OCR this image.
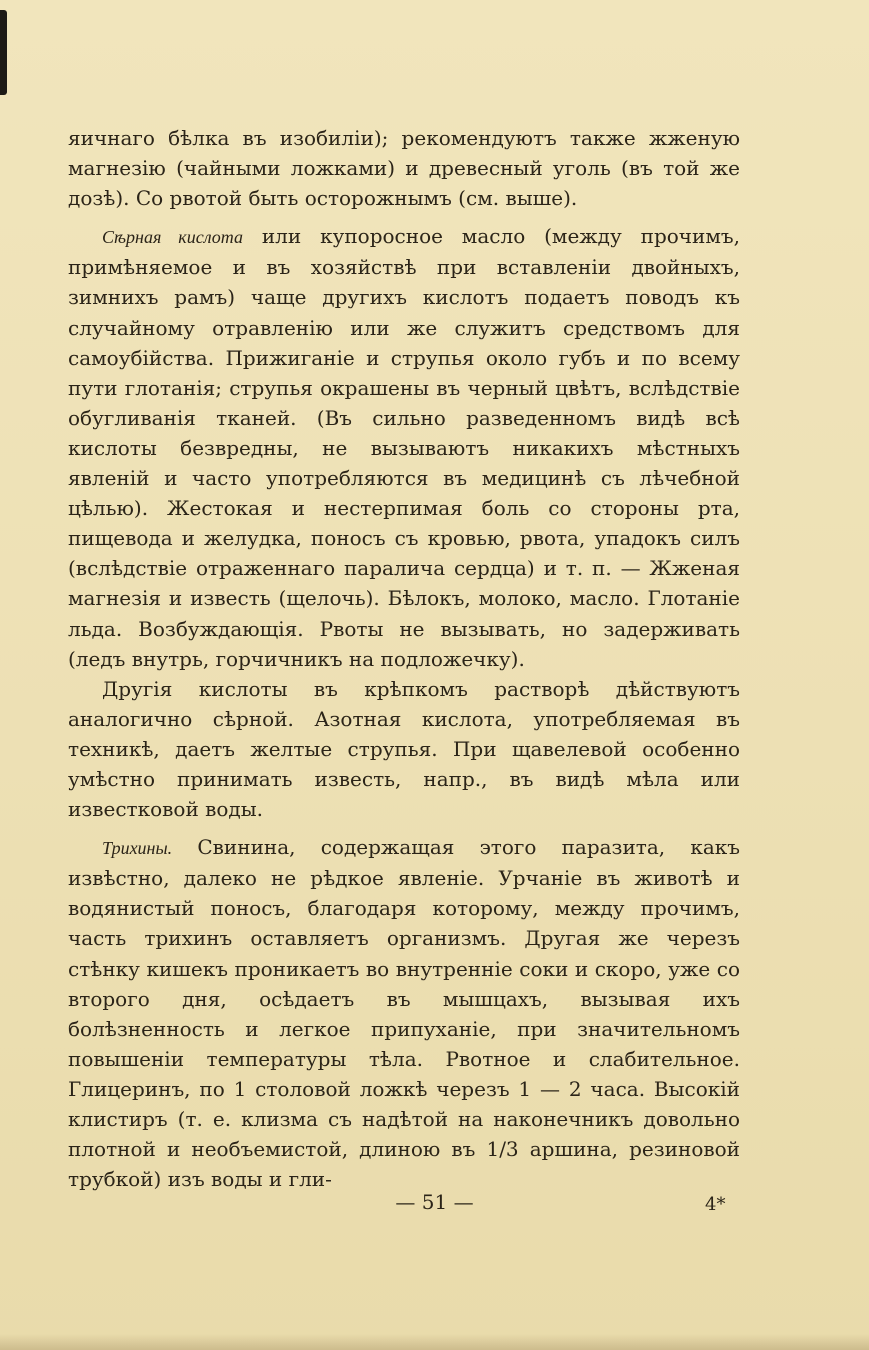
яичнаго бѣлка въ изобиліи); рекомендуютъ также жженую магнезію (чайными ложками) и древесный уголь (въ той же дозѣ). Со рвотой быть осторожнымъ (см. выше).

Сѣрная кислота или купоросное масло (между прочимъ, примѣняемое и въ хозяйствѣ при вставленіи двойныхъ, зимнихъ рамъ) чаще другихъ кислотъ подаетъ поводъ къ случайному отравленію или же служитъ средствомъ для самоубійства. Прижиганіе и струпья около губъ и по всему пути глотанія; струпья окрашены въ черный цвѣтъ, вслѣдствіе обугливанія тканей. (Въ сильно разведенномъ видѣ всѣ кислоты безвредны, не вызываютъ никакихъ мѣстныхъ явленій и часто употребляются въ медицинѣ съ лѣчебной цѣлью). Жестокая и нестерпимая боль со стороны рта, пищевода и желудка, поносъ съ кровью, рвота, упадокъ силъ (вслѣдствіе отраженнаго паралича сердца) и т. п. — Жженая магнезія и известь (щелочь). Бѣлокъ, молоко, масло. Глотаніе льда. Возбуждающія. Рвоты не вызывать, но задерживать (ледъ внутрь, горчичникъ на подложечку).

Другія кислоты въ крѣпкомъ растворѣ дѣйствуютъ аналогично сѣрной. Азотная кислота, употребляемая въ техникѣ, даетъ желтые струпья. При щавелевой особенно умѣстно принимать известь, напр., въ видѣ мѣла или известковой воды.

Трихины. Свинина, содержащая этого паразита, какъ извѣстно, далеко не рѣдкое явленіе. Урчаніе въ животѣ и водянистый поносъ, благодаря которому, между прочимъ, часть трихинъ оставляетъ организмъ. Другая же черезъ стѣнку кишекъ проникаетъ во внутренніе соки и скоро, уже со второго дня, осѣдаетъ въ мышцахъ, вызывая ихъ болѣзненность и легкое припуханіе, при значительномъ повышеніи температуры тѣла. Рвотное и слабительное. Глицеринъ, по 1 столовой ложкѣ черезъ 1 — 2 часа. Высокій клистиръ (т. е. клизма съ надѣтой на наконечникъ довольно плотной и необъемистой, длиною въ 1/3 аршина, резиновой трубкой) изъ воды и гли-

— 51 —	4*
